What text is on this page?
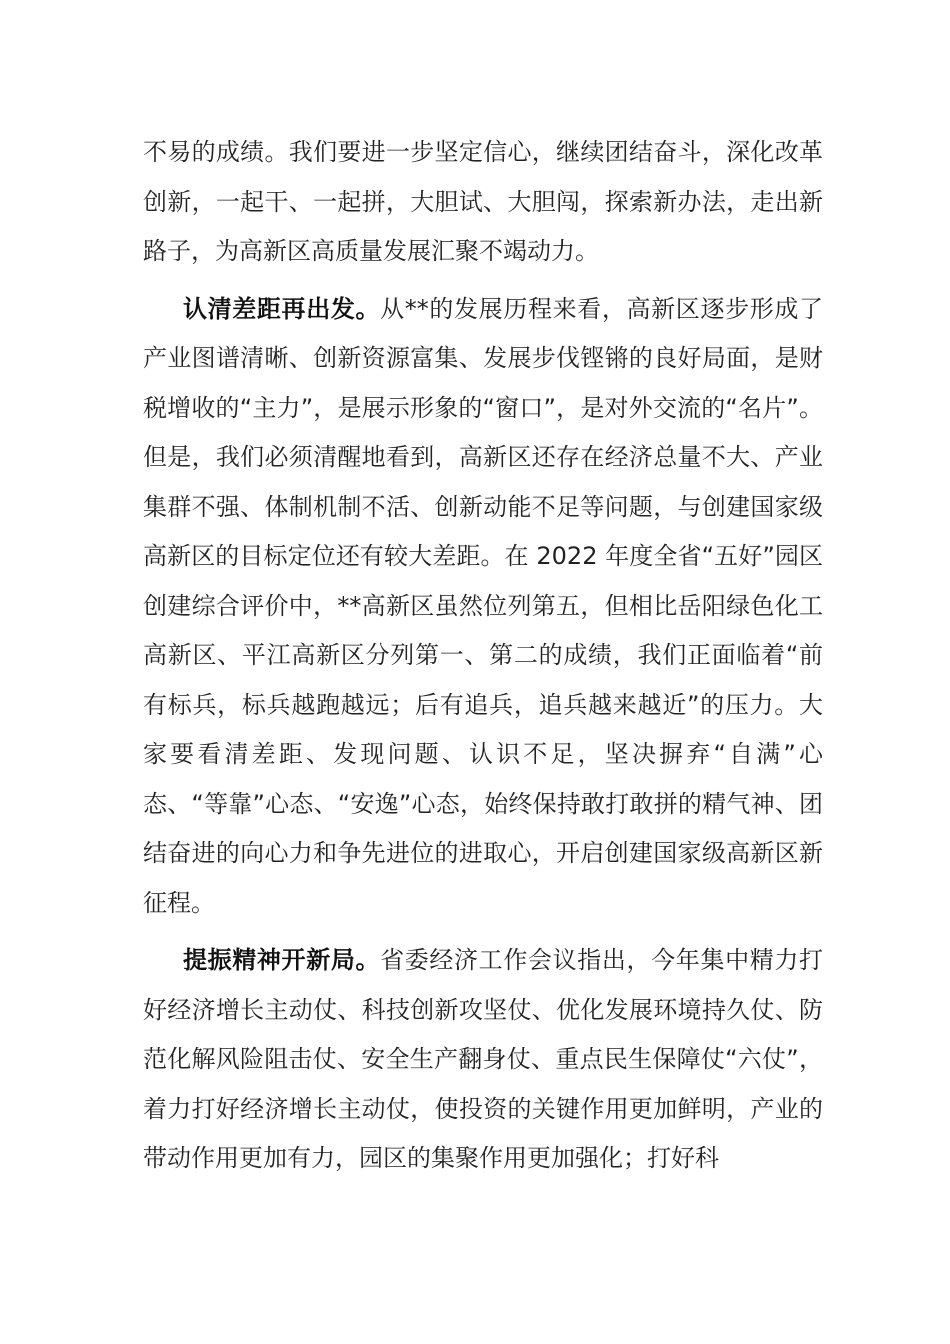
不易的成绩。我们要进一步坚定信心，继续团结奋斗，深化改革创新，一起干、一起拼，大胆试、大胆闯，探索新办法，走出新路子，为高新区高质量发展汇聚不竭动力。

认清差距再出发。从**的发展历程来看，高新区逐步形成了产业图谱清晰、创新资源富集、发展步伐铿锵的良好局面，是财税增收的“主力”，是展示形象的“窗口”，是对外交流的“名片”。但是，我们必须清醒地看到，高新区还存在经济总量不大、产业集群不强、体制机制不活、创新动能不足等问题，与创建国家级高新区的目标定位还有较大差距。在 2022 年度全省“五好”园区创建综合评价中，**高新区虽然位列第五，但相比岳阳绿色化工高新区、平江高新区分列第一、第二的成绩，我们正面临着“前有标兵，标兵越跑越远；后有追兵，追兵越来越近”的压力。大家要看清差距、发现问题、认识不足，坚决摒弃“自满”心态、“等靠”心态、“安逸”心态，始终保持敢打敢拼的精气神、团结奋进的向心力和争先进位的进取心，开启创建国家级高新区新征程。

提振精神开新局。省委经济工作会议指出，今年集中精力打好经济增长主动仗、科技创新攻坚仗、优化发展环境持久仗、防范化解风险阻击仗、安全生产翻身仗、重点民生保障仗“六仗”，着力打好经济增长主动仗，使投资的关键作用更加鲜明，产业的带动作用更加有力，园区的集聚作用更加强化；打好科
